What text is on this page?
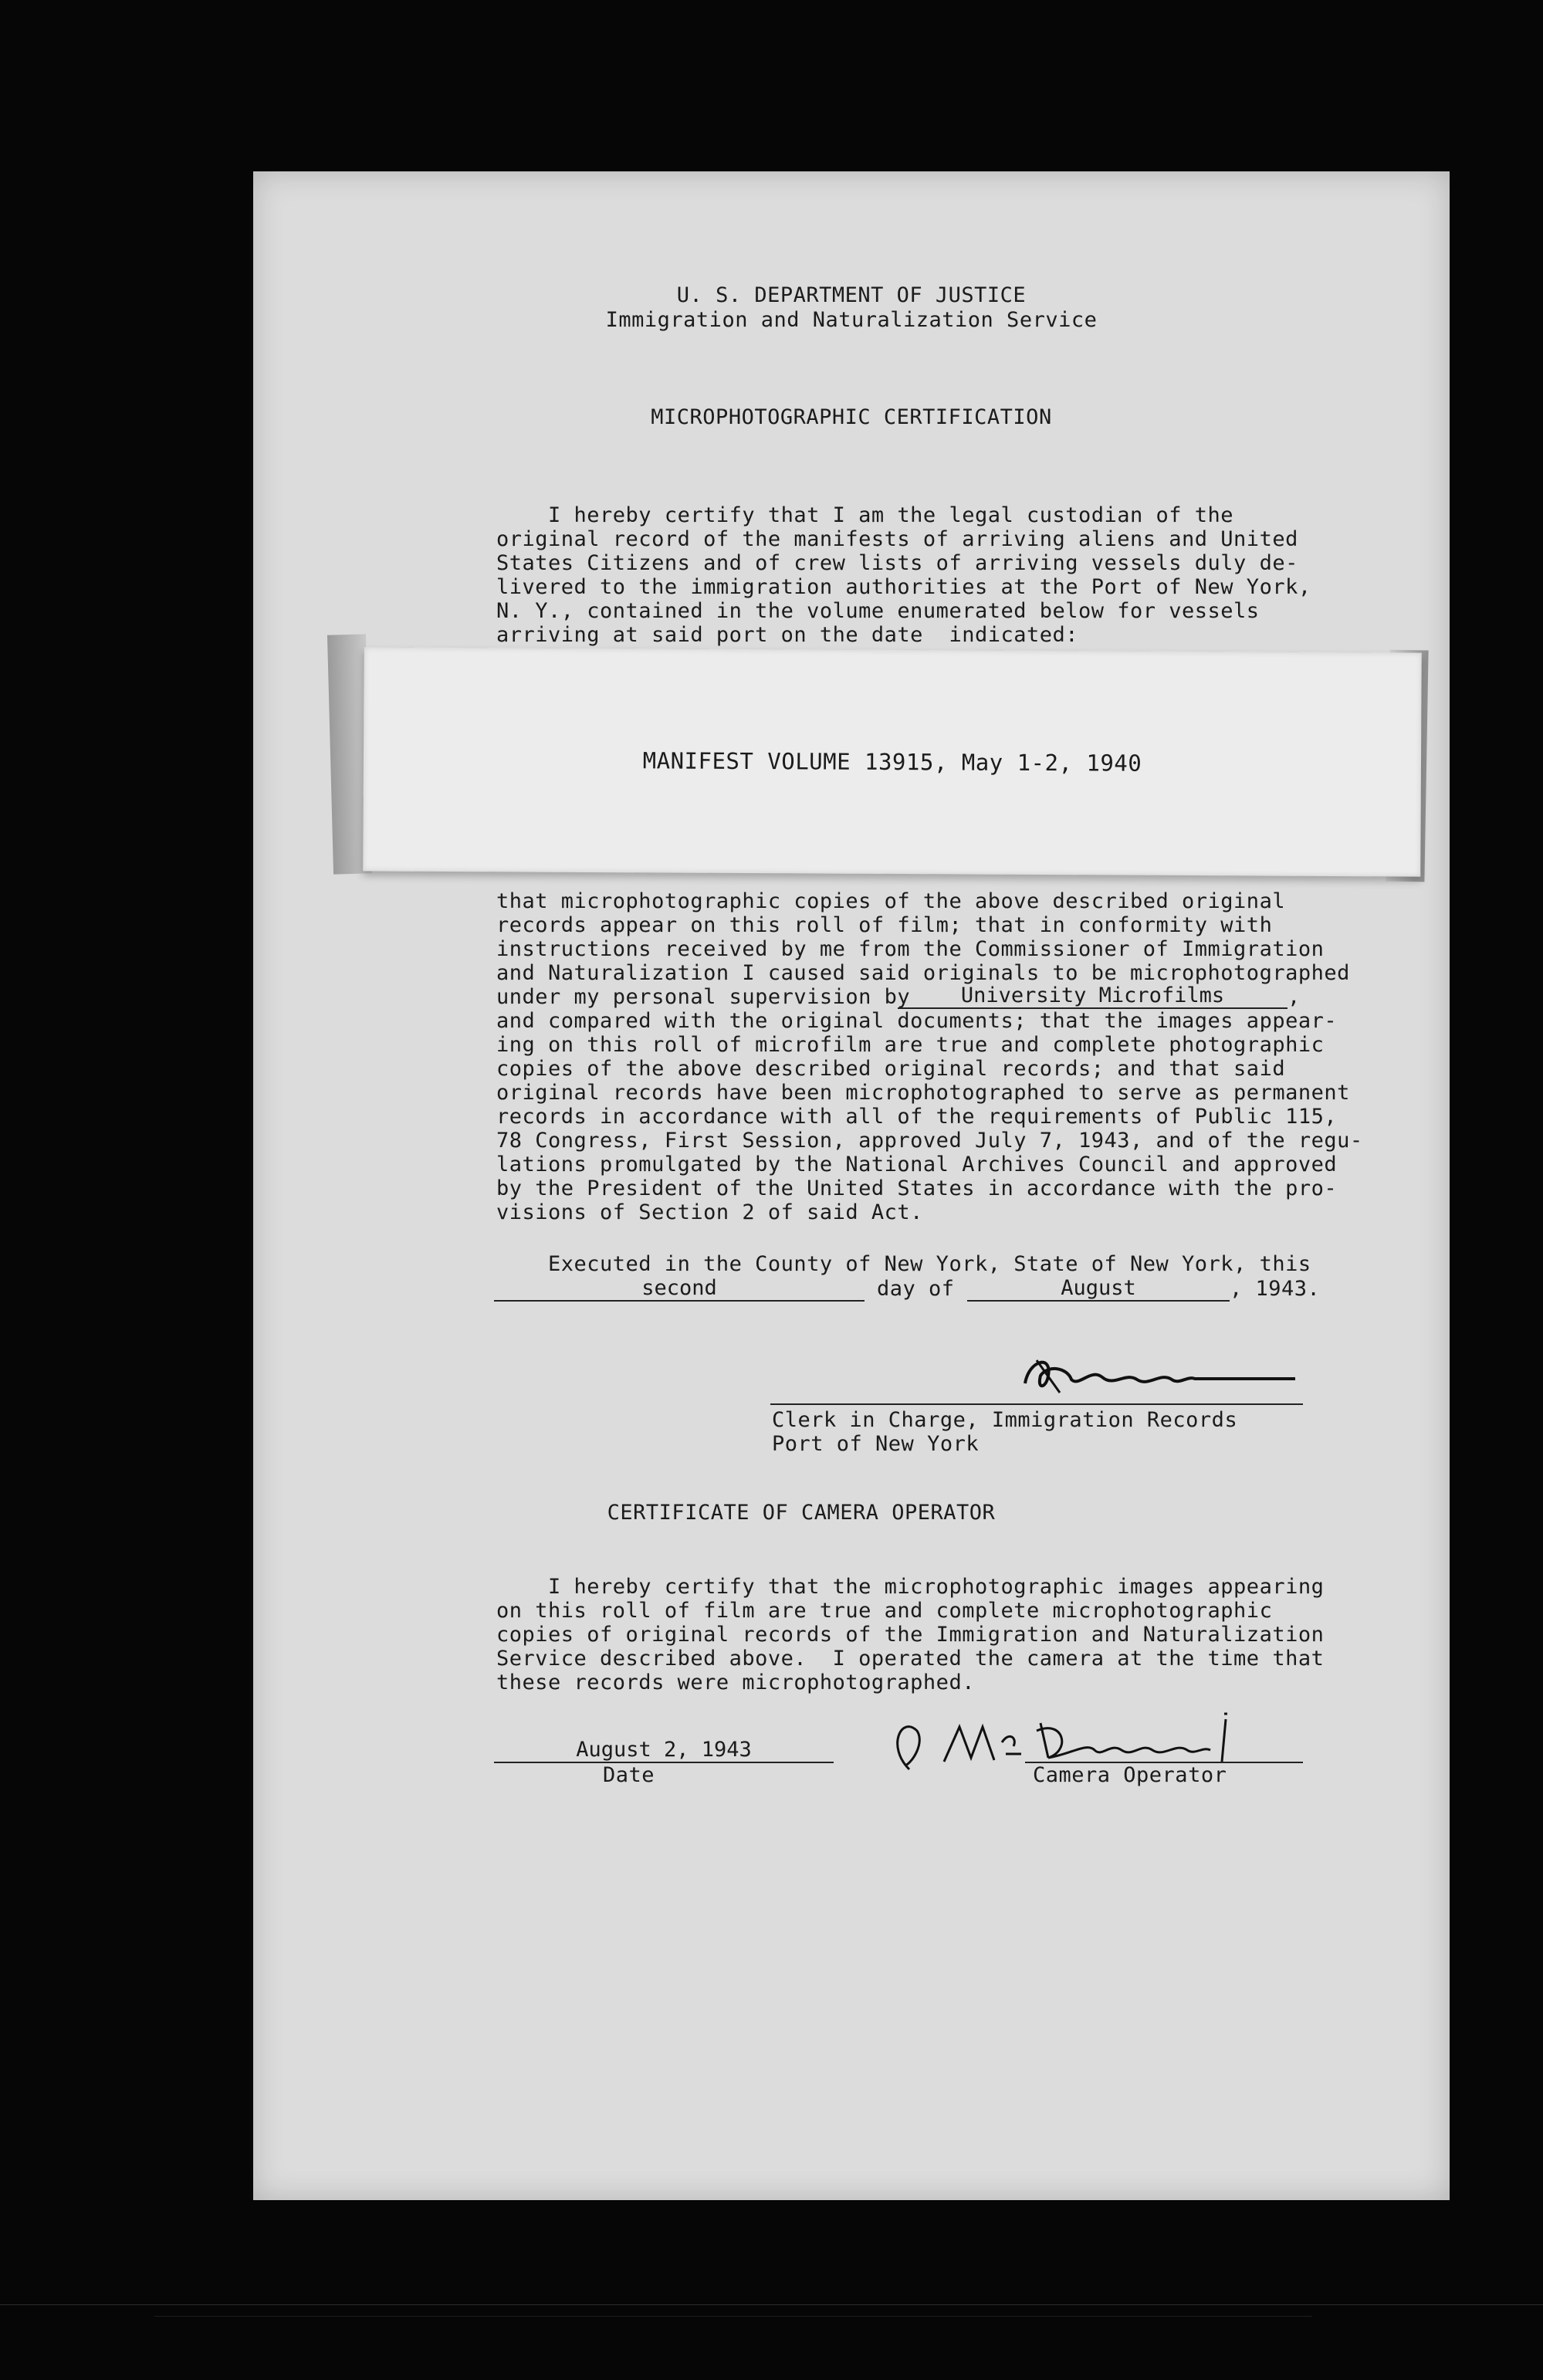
U. S. DEPARTMENT OF JUSTICE
Immigration and Naturalization Service
MICROPHOTOGRAPHIC CERTIFICATION
I hereby certify that I am the legal custodian of the
original record of the manifests of arriving aliens and United
States Citizens and of crew lists of arriving vessels duly de-
livered to the immigration authorities at the Port of New York,
N. Y., contained in the volume enumerated below for vessels
arriving at said port on the date  indicated:
MANIFEST VOLUME 13915, May 1-2, 1940
that microphotographic copies of the above described original
records appear on this roll of film; that in conformity with
instructions received by me from the Commissioner of Immigration
and Naturalization I caused said originals to be microphotographed
under my personal supervision by	University Microfilms	,
and compared with the original documents; that the images appear-
ing on this roll of microfilm are true and complete photographic
copies of the above described original records; and that said
original records have been microphotographed to serve as permanent
records in accordance with all of the requirements of Public 115,
78 Congress, First Session, approved July 7, 1943, and of the regu-
lations promulgated by the National Archives Council and approved
by the President of the United States in accordance with the pro-
visions of Section 2 of said Act.
Executed in the County of New York, State of New York, this
second	day of	August	, 1943.
Clerk in Charge, Immigration Records
Port of New York
CERTIFICATE OF CAMERA OPERATOR
I hereby certify that the microphotographic images appearing
on this roll of film are true and complete microphotographic
copies of original records of the Immigration and Naturalization
Service described above.  I operated the camera at the time that
these records were microphotographed.
August 2, 1943
Date	Camera Operator
